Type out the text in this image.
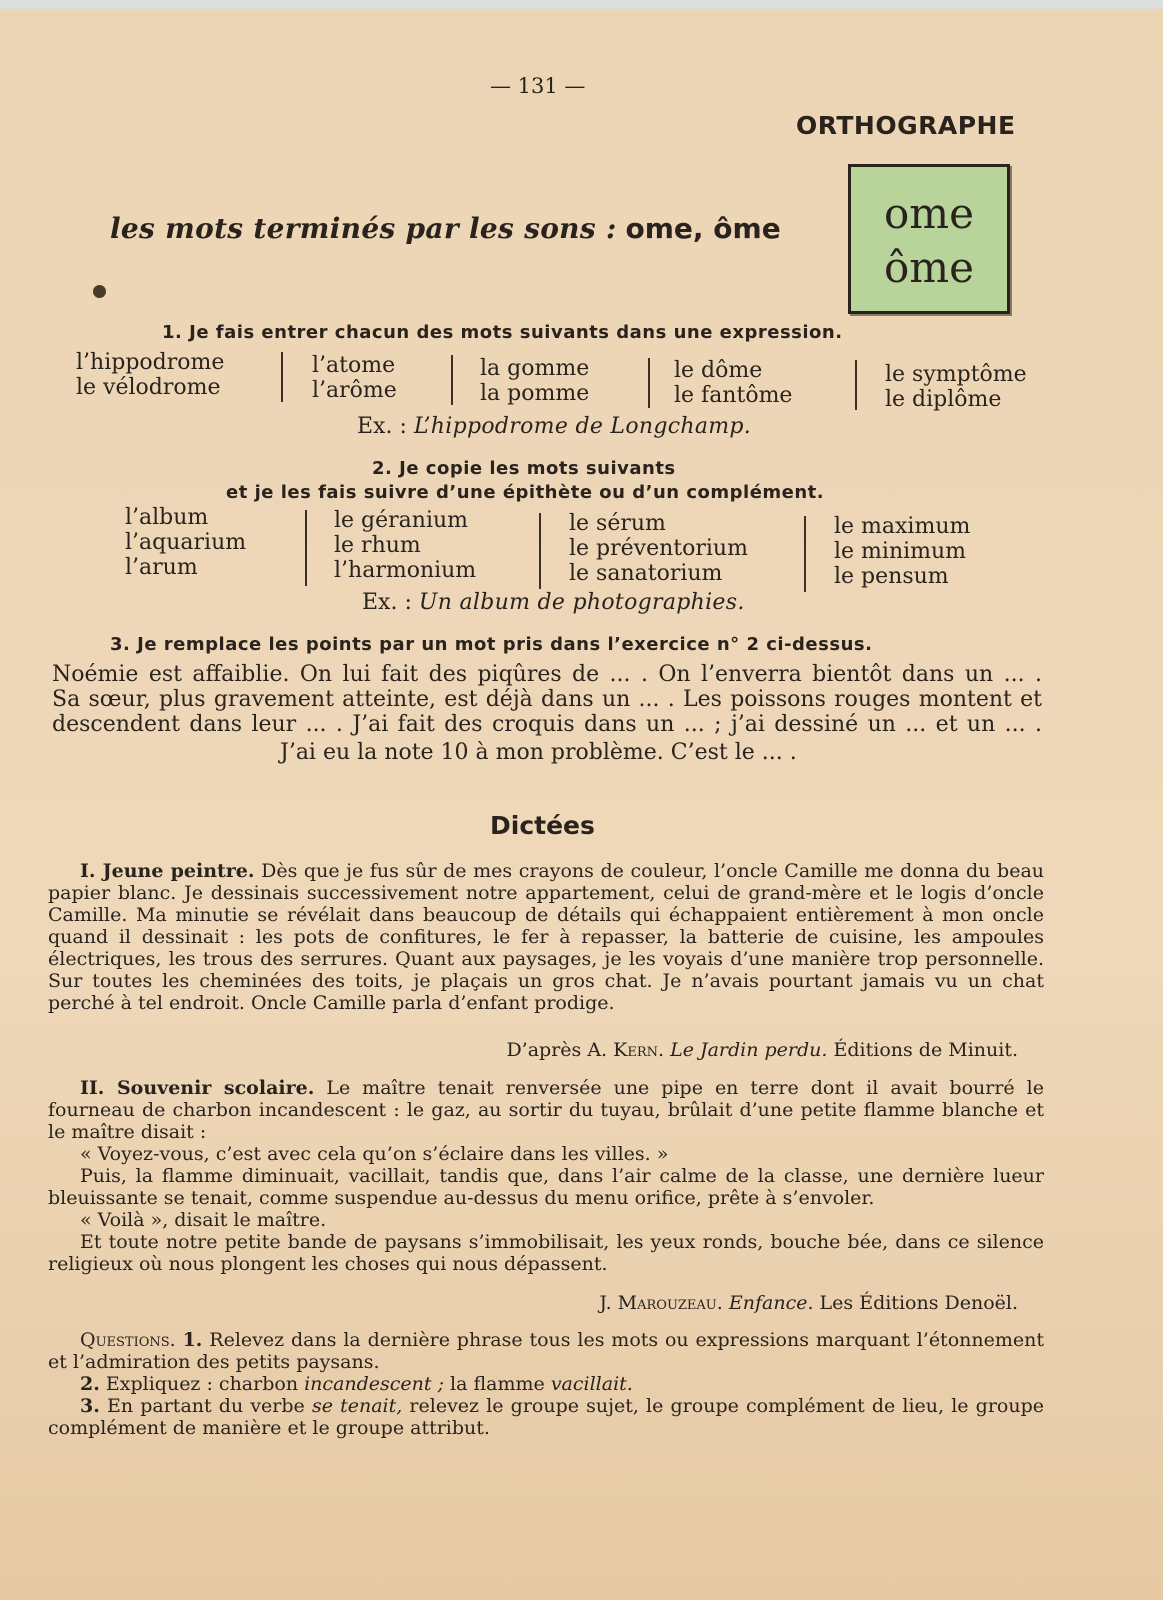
— 131 —
ORTHOGRAPHE
les mots terminés par les sons : ome, ôme	ome
ôme
1. Je fais entrer chacun des mots suivants dans une expression.
l’hippodrome
le vélodrome
l’atome
l’arôme
la gomme
la pomme
le dôme
le fantôme
le symptôme
le diplôme
Ex. : L’hippodrome de Longchamp.
2. Je copie les mots suivants
et je les fais suivre d’une épithète ou d’un complément.
l’album
l’aquarium
l’arum
le géranium
le rhum
l’harmonium
le sérum
le préventorium
le sanatorium
le maximum
le minimum
le pensum
Ex. : Un album de photographies.
3. Je remplace les points par un mot pris dans l’exercice n° 2 ci-dessus.
Noémie est affaiblie. On lui fait des piqûres de ... . On l’enverra bientôt dans un ... .
Sa sœur, plus gravement atteinte, est déjà dans un ... . Les poissons rouges montent et
descendent dans leur ... . J’ai fait des croquis dans un ... ; j’ai dessiné un ... et un ... .
J’ai eu la note 10 à mon problème. C’est le ... .
Dictées
I. Jeune peintre. Dès que je fus sûr de mes crayons de couleur, l’oncle Camille me donna du beau papier blanc. Je dessinais successivement notre appartement, celui de grand-mère et le logis d’oncle Camille. Ma minutie se révélait dans beaucoup de détails qui échappaient entièrement à mon oncle quand il dessinait : les pots de confitures, le fer à repasser, la batterie de cuisine, les ampoules électriques, les trous des serrures. Quant aux paysages, je les voyais d’une manière trop personnelle. Sur toutes les cheminées des toits, je plaçais un gros chat. Je n’avais pourtant jamais vu un chat perché à tel endroit. Oncle Camille parla d’enfant prodige.
D’après A. Kern. Le Jardin perdu. Éditions de Minuit.
II. Souvenir scolaire. Le maître tenait renversée une pipe en terre dont il avait bourré le fourneau de charbon incandescent : le gaz, au sortir du tuyau, brûlait d’une petite flamme blanche et le maître disait :
« Voyez-vous, c’est avec cela qu’on s’éclaire dans les villes. »
Puis, la flamme diminuait, vacillait, tandis que, dans l’air calme de la classe, une dernière lueur bleuissante se tenait, comme suspendue au-dessus du menu orifice, prête à s’envoler.
« Voilà », disait le maître.
Et toute notre petite bande de paysans s’immobilisait, les yeux ronds, bouche bée, dans ce silence religieux où nous plongent les choses qui nous dépassent.
J. Marouzeau. Enfance. Les Éditions Denoël.
Questions. 1. Relevez dans la dernière phrase tous les mots ou expressions marquant l’étonnement et l’admiration des petits paysans.
2. Expliquez : charbon incandescent ; la flamme vacillait.
3. En partant du verbe se tenait, relevez le groupe sujet, le groupe complément de lieu, le groupe complément de manière et le groupe attribut.
